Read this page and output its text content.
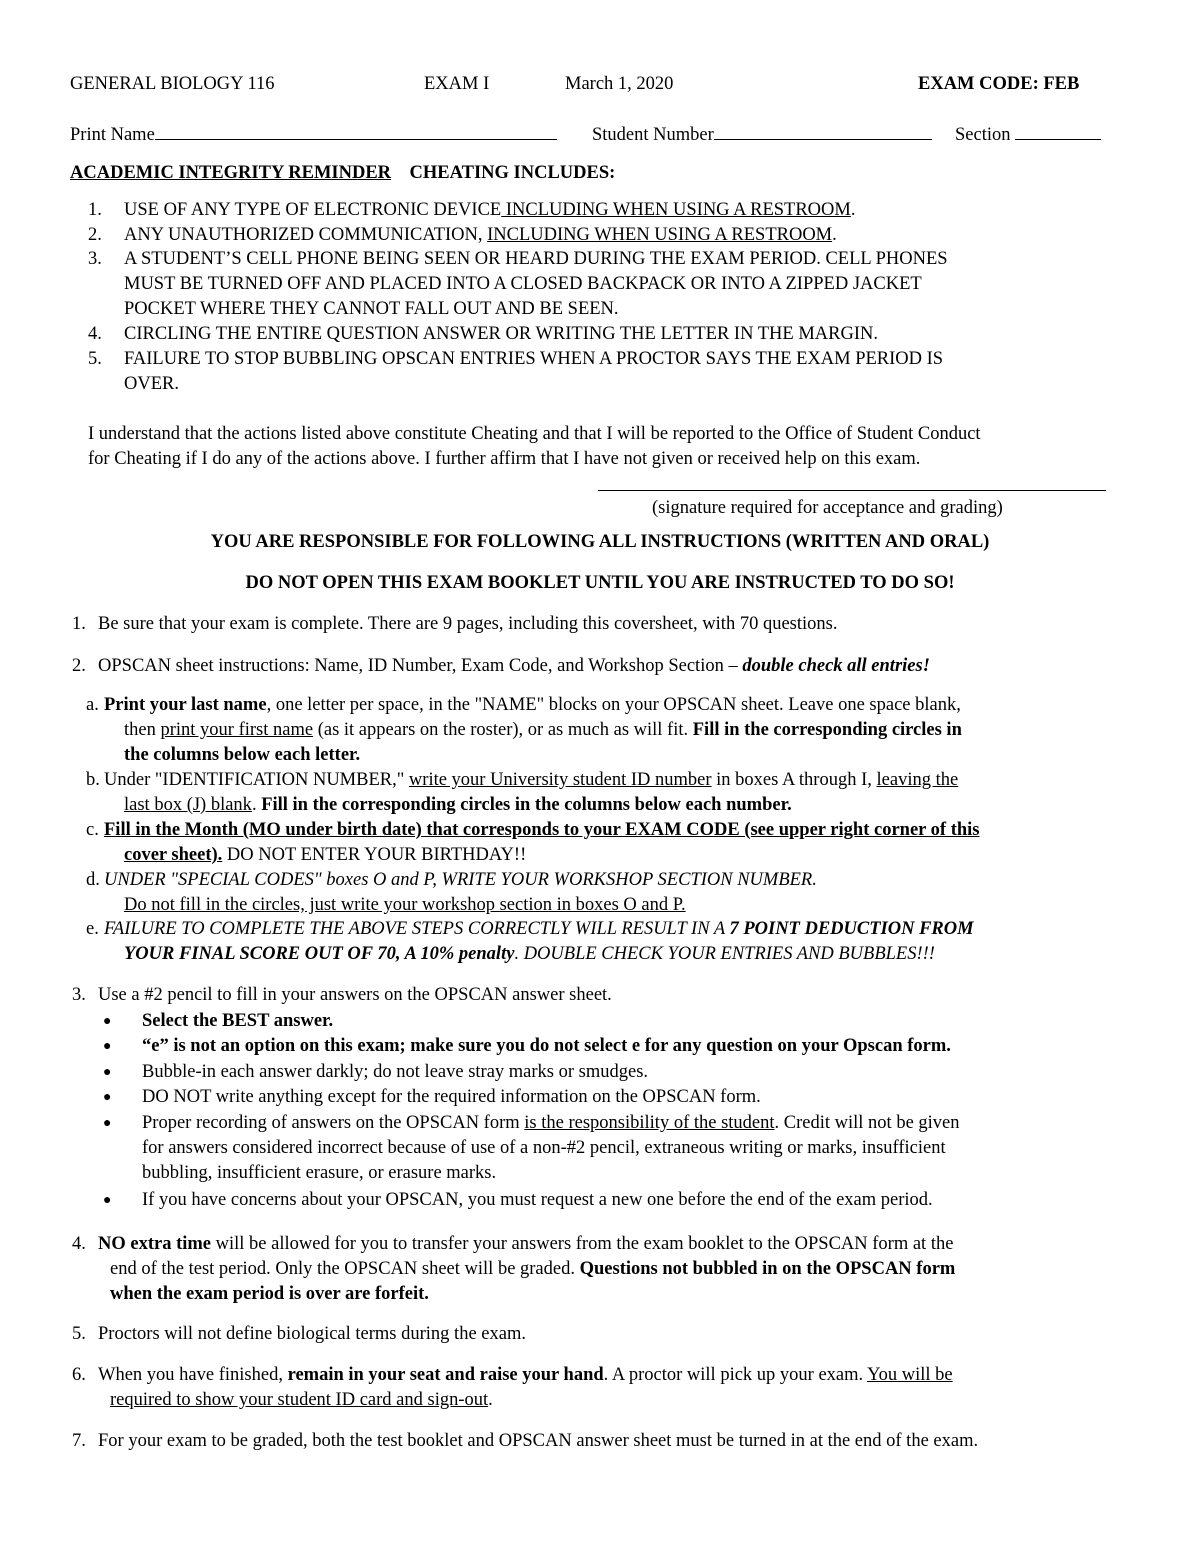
GENERAL BIOLOGY 116	EXAM I	March 1, 2020	EXAM CODE: FEB
Print Name	Student Number	Section
ACADEMIC INTEGRITY REMINDER CHEATING INCLUDES:
1. USE OF ANY TYPE OF ELECTRONIC DEVICE INCLUDING WHEN USING A RESTROOM.
2. ANY UNAUTHORIZED COMMUNICATION, INCLUDING WHEN USING A RESTROOM.
3. A STUDENT’S CELL PHONE BEING SEEN OR HEARD DURING THE EXAM PERIOD. CELL PHONES
MUST BE TURNED OFF AND PLACED INTO A CLOSED BACKPACK OR INTO A ZIPPED JACKET
POCKET WHERE THEY CANNOT FALL OUT AND BE SEEN.
4. CIRCLING THE ENTIRE QUESTION ANSWER OR WRITING THE LETTER IN THE MARGIN.
5. FAILURE TO STOP BUBBLING OPSCAN ENTRIES WHEN A PROCTOR SAYS THE EXAM PERIOD IS
OVER.
I understand that the actions listed above constitute Cheating and that I will be reported to the Office of Student Conduct
for Cheating if I do any of the actions above. I further affirm that I have not given or received help on this exam.
(signature required for acceptance and grading)
YOU ARE RESPONSIBLE FOR FOLLOWING ALL INSTRUCTIONS (WRITTEN AND ORAL)
DO NOT OPEN THIS EXAM BOOKLET UNTIL YOU ARE INSTRUCTED TO DO SO!
1. Be sure that your exam is complete. There are 9 pages, including this coversheet, with 70 questions.
2. OPSCAN sheet instructions: Name, ID Number, Exam Code, and Workshop Section – double check all entries!
a. Print your last name, one letter per space, in the "NAME" blocks on your OPSCAN sheet. Leave one space blank,
then print your first name (as it appears on the roster), or as much as will fit. Fill in the corresponding circles in
the columns below each letter.
b. Under "IDENTIFICATION NUMBER," write your University student ID number in boxes A through I, leaving the
last box (J) blank. Fill in the corresponding circles in the columns below each number.
c. Fill in the Month (MO under birth date) that corresponds to your EXAM CODE (see upper right corner of this
cover sheet). DO NOT ENTER YOUR BIRTHDAY!!
d. UNDER "SPECIAL CODES" boxes O and P, WRITE YOUR WORKSHOP SECTION NUMBER.
Do not fill in the circles, just write your workshop section in boxes O and P.
e. FAILURE TO COMPLETE THE ABOVE STEPS CORRECTLY WILL RESULT IN A 7 POINT DEDUCTION FROM
YOUR FINAL SCORE OUT OF 70, A 10% penalty. DOUBLE CHECK YOUR ENTRIES AND BUBBLES!!!
3. Use a #2 pencil to fill in your answers on the OPSCAN answer sheet.
● Select the BEST answer.
● “e” is not an option on this exam; make sure you do not select e for any question on your Opscan form.
● Bubble-in each answer darkly; do not leave stray marks or smudges.
● DO NOT write anything except for the required information on the OPSCAN form.
● Proper recording of answers on the OPSCAN form is the responsibility of the student. Credit will not be given
for answers considered incorrect because of use of a non-#2 pencil, extraneous writing or marks, insufficient
bubbling, insufficient erasure, or erasure marks.
● If you have concerns about your OPSCAN, you must request a new one before the end of the exam period.
4. NO extra time will be allowed for you to transfer your answers from the exam booklet to the OPSCAN form at the
end of the test period. Only the OPSCAN sheet will be graded. Questions not bubbled in on the OPSCAN form
when the exam period is over are forfeit.
5. Proctors will not define biological terms during the exam.
6. When you have finished, remain in your seat and raise your hand. A proctor will pick up your exam. You will be
required to show your student ID card and sign-out.
7. For your exam to be graded, both the test booklet and OPSCAN answer sheet must be turned in at the end of the exam.
